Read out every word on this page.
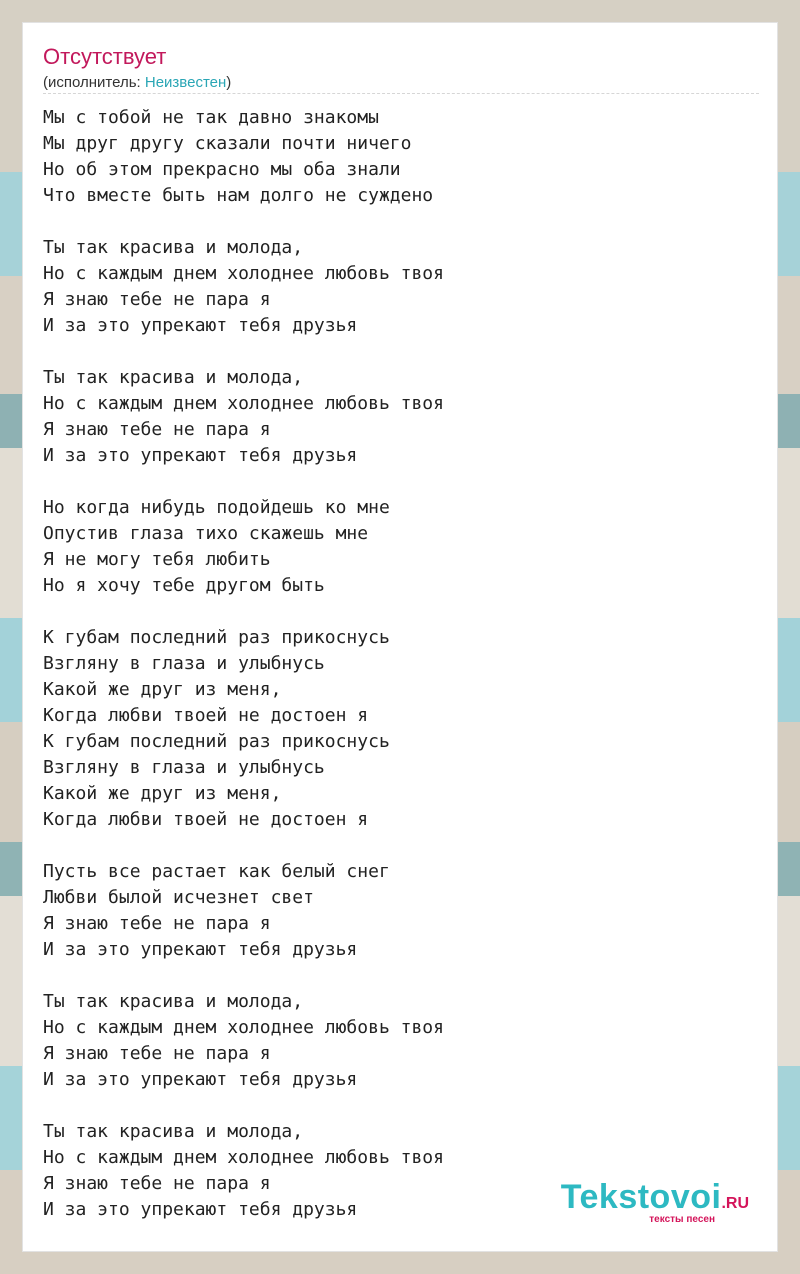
Отсутствует
(исполнитель: Неизвестен)
Мы с тобой не так давно знакомы
Мы друг другу сказали почти ничего
Но об этом прекрасно мы оба знали
Что вместе быть нам долго не суждено

Ты так красива и молода,
Но с каждым днем холоднее любовь твоя
Я знаю тебе не пара я
И за это упрекают тебя друзья

Ты так красива и молода,
Но с каждым днем холоднее любовь твоя
Я знаю тебе не пара я
И за это упрекают тебя друзья

Но когда нибудь подойдешь ко мне
Опустив глаза тихо скажешь мне
Я не могу тебя любить
Но я хочу тебе другом быть

К губам последний раз прикоснусь
Взгляну в глаза и улыбнусь
Какой же друг из меня,
Когда любви твоей не достоен я
К губам последний раз прикоснусь
Взгляну в глаза и улыбнусь
Какой же друг из меня,
Когда любви твоей не достоен я

Пусть все растает как белый снег
Любви былой исчезнет свет
Я знаю тебе не пара я
И за это упрекают тебя друзья

Ты так красива и молода,
Но с каждым днем холоднее любовь твоя
Я знаю тебе не пара я
И за это упрекают тебя друзья

Ты так красива и молода,
Но с каждым днем холоднее любовь твоя
Я знаю тебе не пара я
И за это упрекают тебя друзья	Tekstovoi.RU
тексты песен
